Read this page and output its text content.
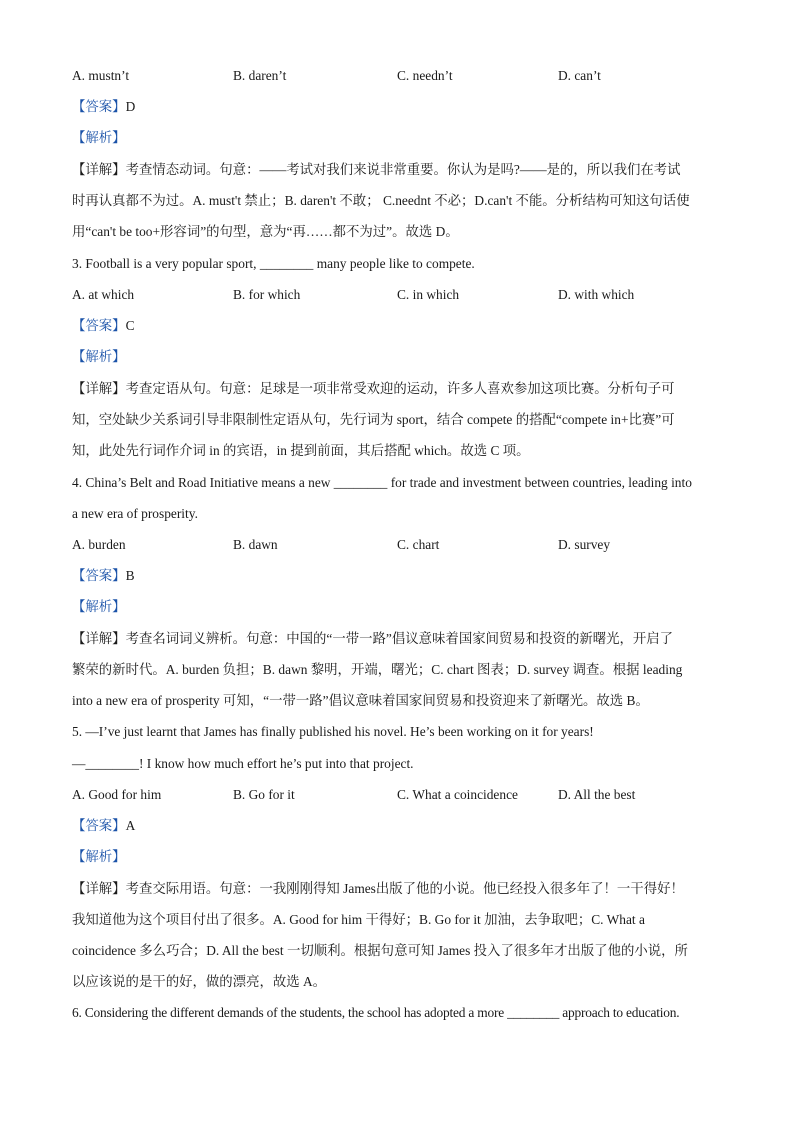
A. mustn’t	B. daren’t	C. needn’t	D. can’t
【答案】D
【解析】
【详解】考查情态动词。句意：——考试对我们来说非常重要。你认为是吗?——是的，所以我们在考试
时再认真都不为过。A. must't 禁止；B. daren't 不敢； C.neednt 不必；D.can't 不能。分析结构可知这句话使
用“can't be too+形容词”的句型，意为“再……都不为过”。故选 D。
3. Football is a very popular sport, ________ many people like to compete.
A. at which	B. for which	C. in which	D. with which
【答案】C
【解析】
【详解】考查定语从句。句意：足球是一项非常受欢迎的运动，许多人喜欢参加这项比赛。分析句子可
知，空处缺少关系词引导非限制性定语从句，先行词为 sport，结合 compete 的搭配“compete in+比赛”可
知，此处先行词作介词 in 的宾语，in 提到前面，其后搭配 which。故选 C 项。
4. China’s Belt and Road Initiative means a new ________ for trade and investment between countries, leading into
a new era of prosperity.
A. burden	B. dawn	C. chart	D. survey
【答案】B
【解析】
【详解】考查名词词义辨析。句意：中国的“一带一路”倡议意味着国家间贸易和投资的新曙光，开启了
繁荣的新时代。A. burden 负担；B. dawn 黎明，开端，曙光；C. chart 图表；D. survey 调查。根据 leading
into a new era of prosperity 可知，“一带一路”倡议意味着国家间贸易和投资迎来了新曙光。故选 B。
5. —I’ve just learnt that James has finally published his novel. He’s been working on it for years!
—________! I know how much effort he’s put into that project.
A. Good for him	B. Go for it	C. What a coincidence	D. All the best
【答案】A
【解析】
【详解】考查交际用语。句意：一我刚刚得知 James出版了他的小说。他已经投入很多年了！一干得好！
我知道他为这个项目付出了很多。A. Good for him 干得好；B. Go for it 加油，去争取吧；C. What a
coincidence 多么巧合；D. All the best 一切顺利。根据句意可知 James 投入了很多年才出版了他的小说，所
以应该说的是干的好，做的漂亮，故选 A。
6. Considering the different demands of the students, the school has adopted a more ________ approach to education.
